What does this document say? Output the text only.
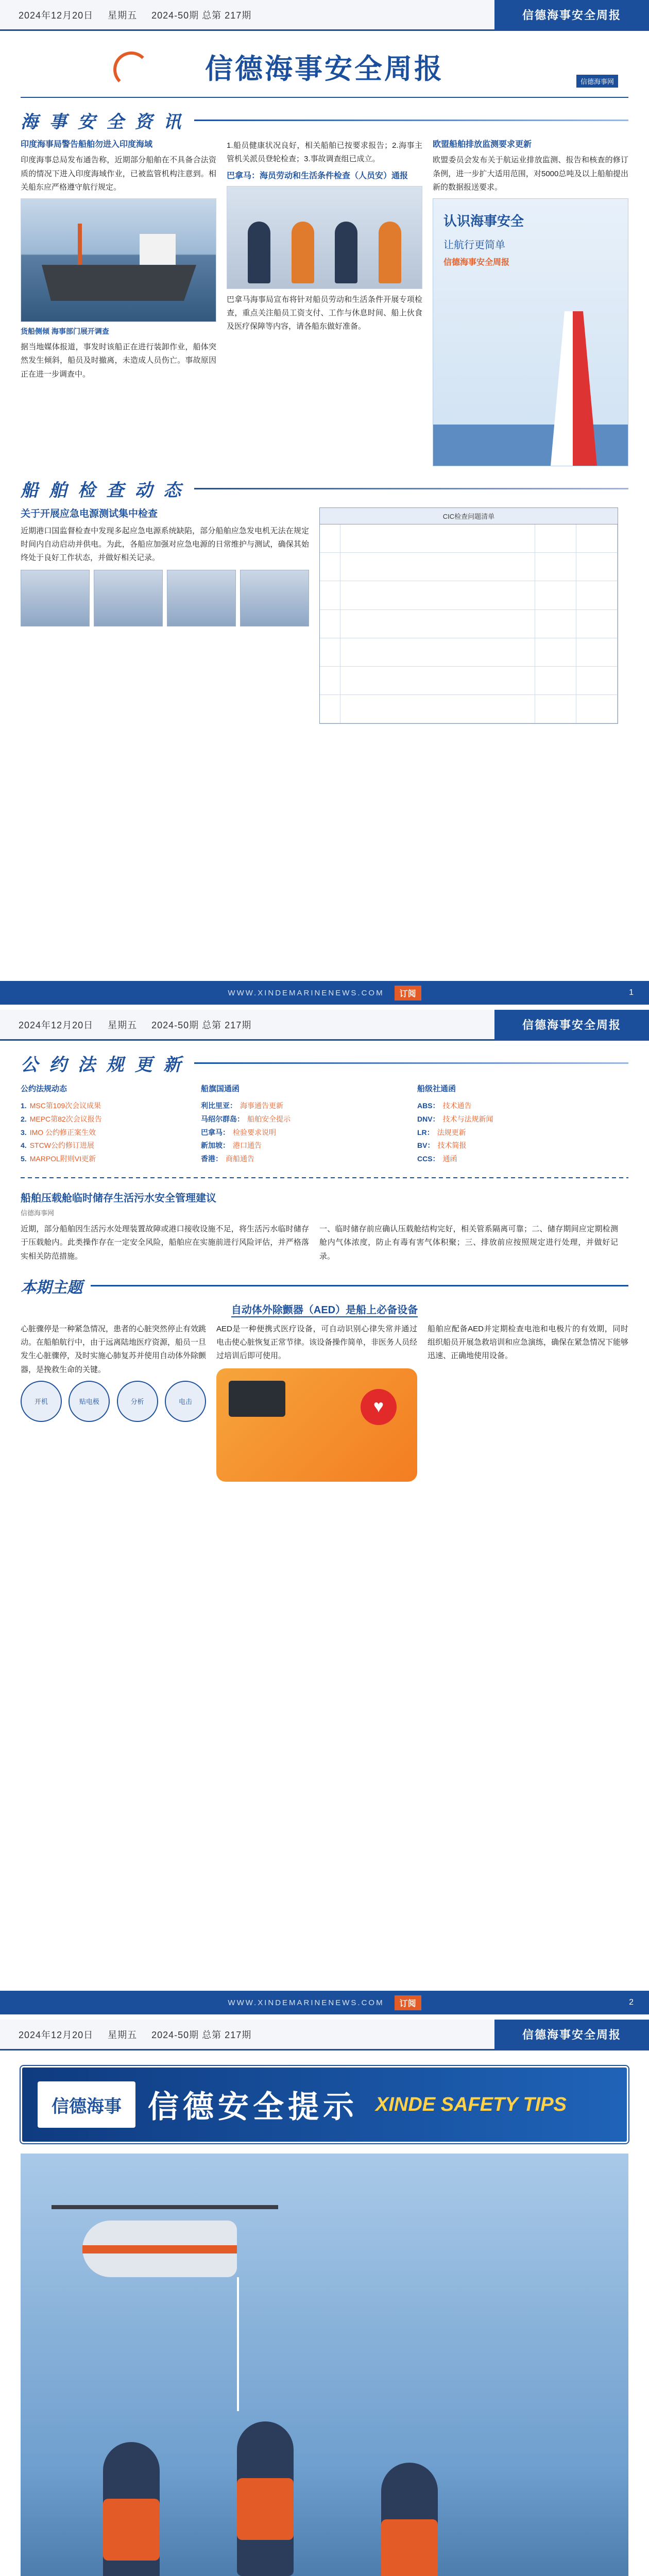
2024年12月20日 星期五 2024-50期 总第 217期	信德海事安全周报
信德海事安全周报	信德海事网
海 事 安 全 资 讯
印度海事局警告船舶勿进入印度海域
印度海事总局发布通告称，近期部分船舶在不具备合法资质的情况下进入印度海域作业，已被监管机构注意到。相关船东应严格遵守航行规定。
货船侧倾 海事部门展开调查
据当地媒体报道，事发时该船正在进行装卸作业，船体突然发生倾斜，船员及时撤离，未造成人员伤亡。事故原因正在进一步调查中。
1.船员健康状况良好，相关船舶已按要求报告；2.海事主管机关派员登轮检查；3.事故调查组已成立。
巴拿马：海员劳动和生活条件检查（人员安）通报
巴拿马海事局宣布将针对船员劳动和生活条件开展专项检查，重点关注船员工资支付、工作与休息时间、船上伙食及医疗保障等内容，请各船东做好准备。
欧盟船舶排放监测要求更新
欧盟委员会发布关于航运业排放监测、报告和核查的修订条例，进一步扩大适用范围，对5000总吨及以上船舶提出新的数据报送要求。
认识海事安全
让航行更简单
信德海事安全周报
船 舶 检 查 动 态
关于开展应急电源测试集中检查
近期港口国监督检查中发现多起应急电源系统缺陷，部分船舶应急发电机无法在规定时间内自动启动并供电。为此，各船应加强对应急电源的日常维护与测试，确保其始终处于良好工作状态，并做好相关记录。
CIC检查问题清单
WWW.XINDEMARINENEWS.COM	订阅	1
2024年12月20日 星期五 2024-50期 总第 217期	信德海事安全周报
公 约 法 规 更 新
公约法规动态
1. MSC第109次会议成果
2. MEPC第82次会议报告
3. IMO 公约修正案生效
4. STCW公约修订进展
5. MARPOL附则VI更新
船旗国通函
利比里亚： 海事通告更新
马绍尔群岛： 船舶安全提示
巴拿马： 检验要求说明
新加坡： 港口通告
香港： 商船通告
船级社通函
ABS： 技术通告
DNV： 技术与法规新闻
LR： 法规更新
BV： 技术简报
CCS： 通函
船舶压载舱临时储存生活污水安全管理建议
信德海事网
近期，部分船舶因生活污水处理装置故障或港口接收设施不足，将生活污水临时储存于压载舱内。此类操作存在一定安全风险，船舶应在实施前进行风险评估，并严格落实相关防范措施。
一、临时储存前应确认压载舱结构完好，相关管系隔离可靠；二、储存期间应定期检测舱内气体浓度，防止有毒有害气体积聚；三、排放前应按照规定进行处理，并做好记录。
本期主题
自动体外除颤器（AED）是船上必备设备
心脏骤停是一种紧急情况，患者的心脏突然停止有效跳动。在船舶航行中，由于远离陆地医疗资源，船员一旦发生心脏骤停，及时实施心肺复苏并使用自动体外除颤器，是挽救生命的关键。
开机	贴电极	分析	电击
AED是一种便携式医疗设备，可自动识别心律失常并通过电击使心脏恢复正常节律。该设备操作简单，非医务人员经过培训后即可使用。
♥
船舶应配备AED并定期检查电池和电极片的有效期，同时组织船员开展急救培训和应急演练，确保在紧急情况下能够迅速、正确地使用设备。
WWW.XINDEMARINENEWS.COM	订阅	2
2024年12月20日 星期五 2024-50期 总第 217期	信德海事安全周报
信德海事 信德安全提示 XINDE SAFETY TIPS
